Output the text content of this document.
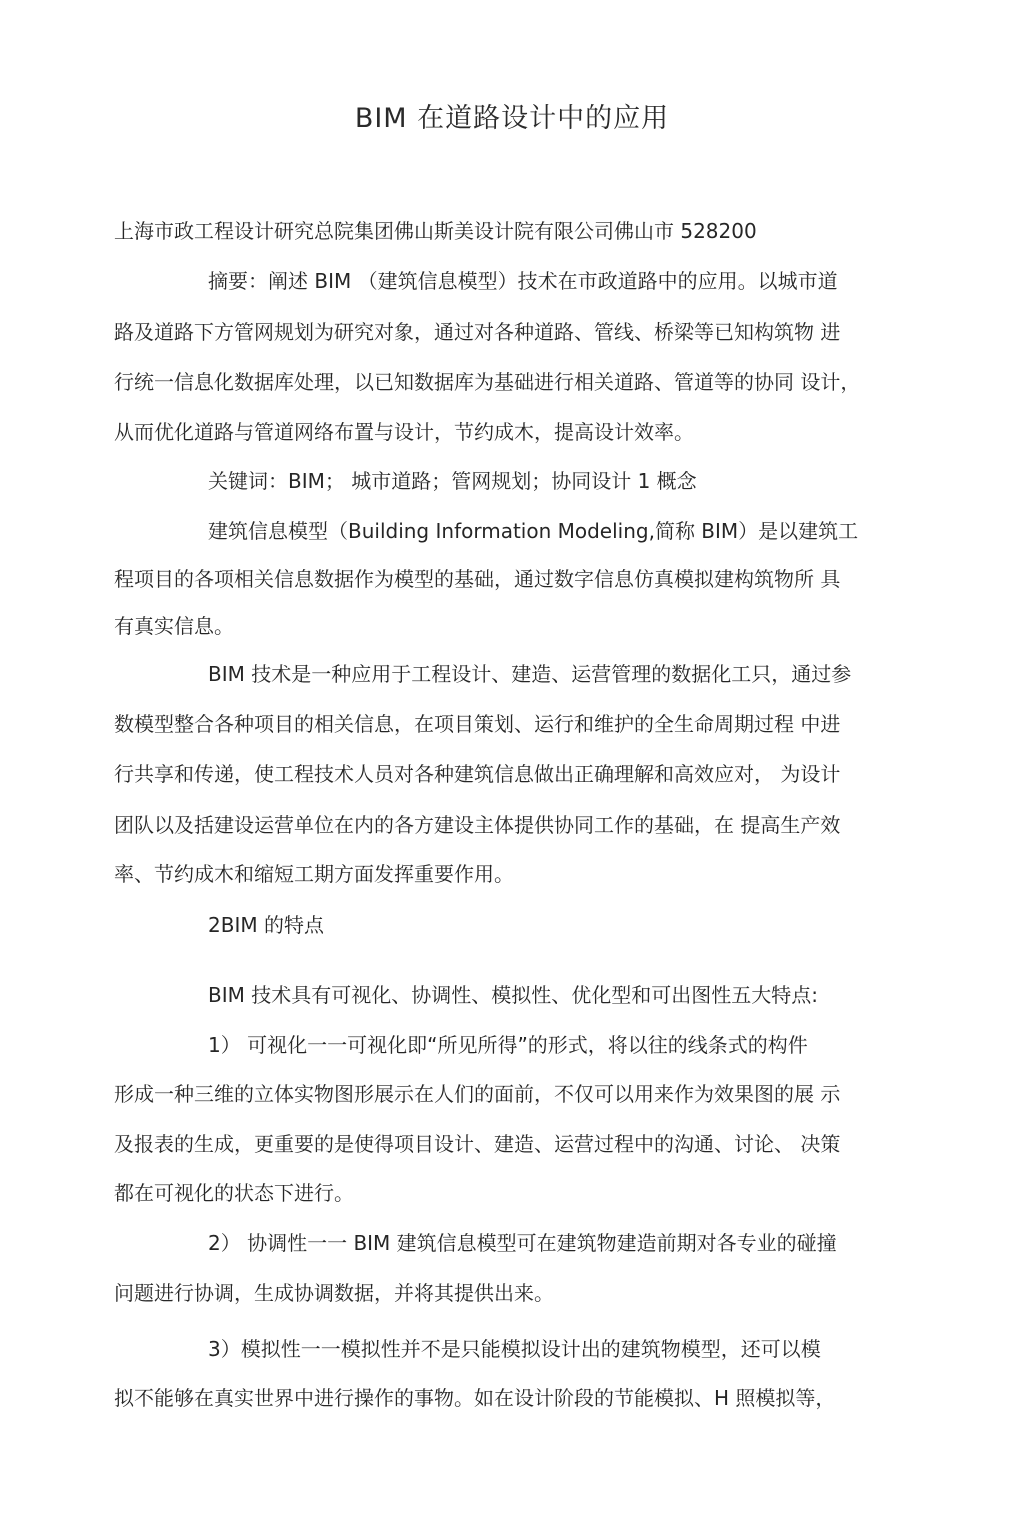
BIM 在道路设计中的应用
上海市政工程设计研究总院集团佛山斯美设计院有限公司佛山市 528200
摘要：阐述 BIM （建筑信息模型）技术在市政道路中的应用。以城市道
路及道路下方管网规划为研究对象，通过对各种道路、管线、桥梁等已知构筑物 进
行统一信息化数据库处理，以已知数据库为基础进行相关道路、管道等的协同 设计，
从而优化道路与管道网络布置与设计，节约成木，提高设计效率。
关键词：BIM； 城市道路；管网规划；协同设计 1 概念
建筑信息模型（Building Information Modeling,简称 BIM）是以建筑工
程项目的各项相关信息数据作为模型的基础，通过数字信息仿真模拟建构筑物所 具
有真实信息。
BIM 技术是一种应用于工程设计、建造、运营管理的数据化工只，通过参
数模型整合各种项目的相关信息，在项目策划、运行和维护的全生命周期过程 中进
行共享和传递，使工程技术人员对各种建筑信息做出正确理解和高效应对， 为设计
团队以及括建设运营单位在内的各方建设主体提供协同工作的基础，在 提高生产效
率、节约成木和缩短工期方面发挥重要作用。
2BIM 的特点
BIM 技术具有可视化、协调性、模拟性、优化型和可出图性五大特点:
1） 可视化一一可视化即“所见所得”的形式，将以往的线条式的构件
形成一种三维的立体实物图形展示在人们的面前，不仅可以用来作为效果图的展 示
及报表的生成，更重要的是使得项目设计、建造、运营过程中的沟通、讨论、 决策
都在可视化的状态下进行。
2） 协调性一一 BIM 建筑信息模型可在建筑物建造前期对各专业的碰撞
问题进行协调，生成协调数据，并将其提供出来。
3）模拟性一一模拟性并不是只能模拟设计出的建筑物模型，还可以模
拟不能够在真实世界中进行操作的事物。如在设计阶段的节能模拟、H 照模拟等，
